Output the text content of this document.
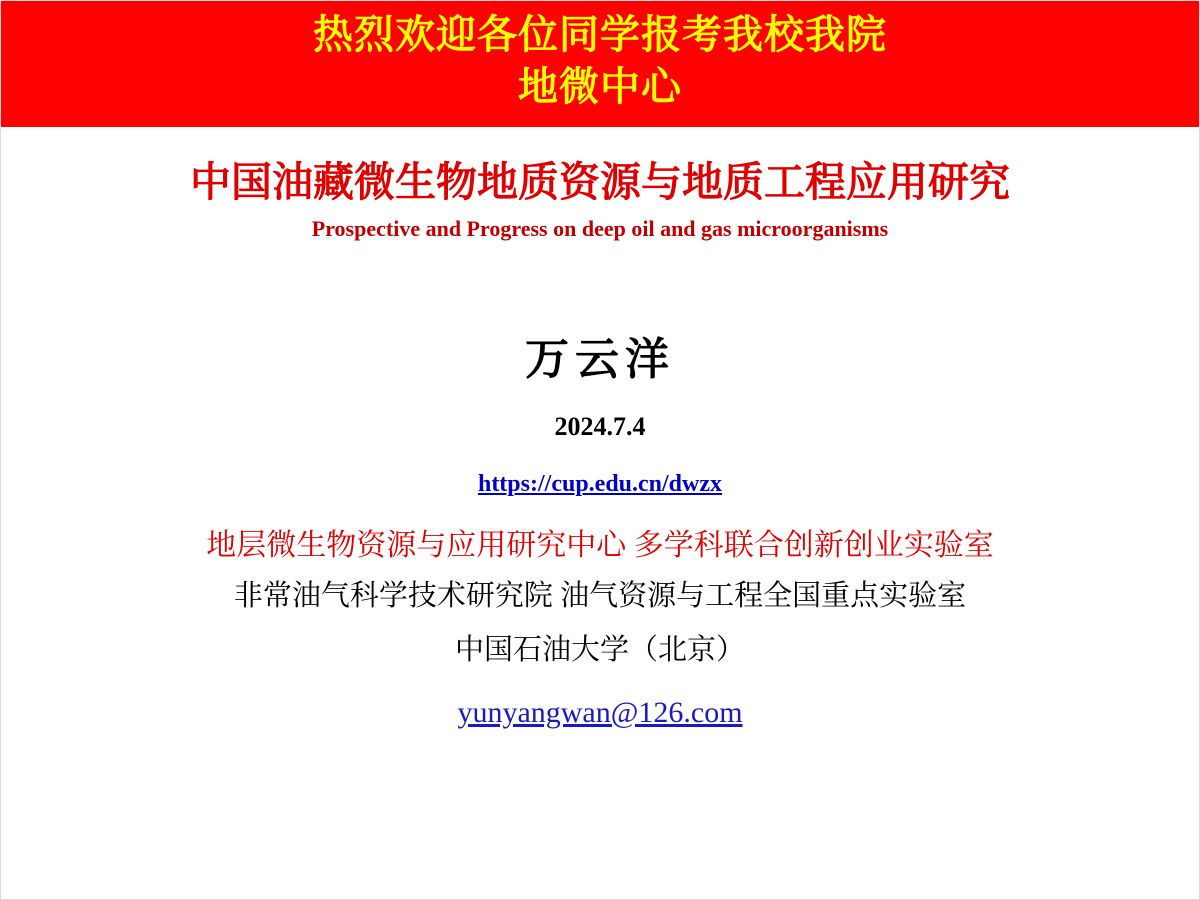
热烈欢迎各位同学报考我校我院
地微中心
中国油藏微生物地质资源与地质工程应用研究
Prospective and Progress on deep oil and gas microorganisms
万云洋
2024.7.4
https://cup.edu.cn/dwzx
地层微生物资源与应用研究中心 多学科联合创新创业实验室
非常油气科学技术研究院 油气资源与工程全国重点实验室
中国石油大学（北京）
yunyangwan@126.com
